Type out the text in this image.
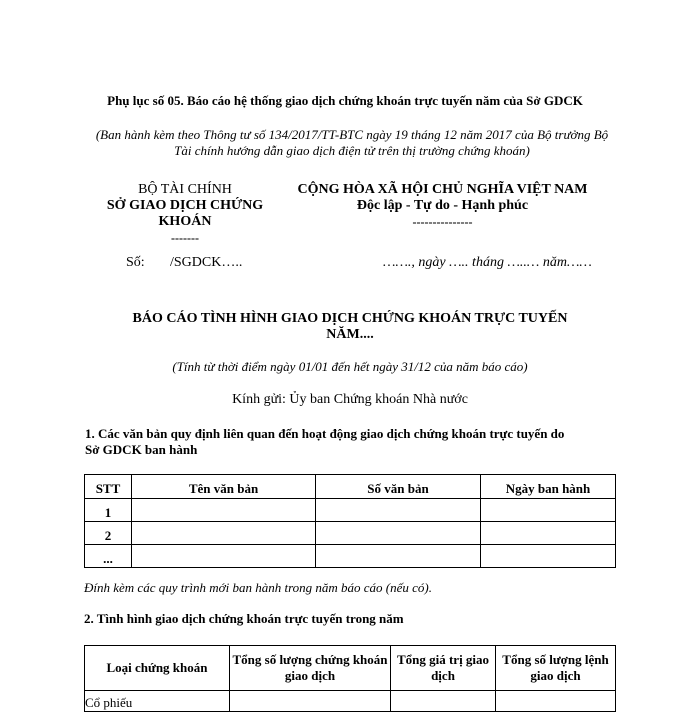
Phụ lục số 05. Báo cáo hệ thống giao dịch chứng khoán trực tuyến năm của Sở GDCK
(Ban hành kèm theo Thông tư số 134/2017/TT-BTC ngày 19 tháng 12 năm 2017 của Bộ trưởng Bộ Tài chính hướng dẫn giao dịch điện tử trên thị trường chứng khoán)
BỘ TÀI CHÍNH
SỞ GIAO DỊCH CHỨNG
KHOÁN
-------
CỘNG HÒA XÃ HỘI CHỦ NGHĨA VIỆT NAM
Độc lập - Tự do - Hạnh phúc
---------------
Số: /SGDCK…..	……., ngày ….. tháng …..… năm……
BÁO CÁO TÌNH HÌNH GIAO DỊCH CHỨNG KHOÁN TRỰC TUYẾN
NĂM....
(Tính từ thời điểm ngày 01/01 đến hết ngày 31/12 của năm báo cáo)
Kính gửi: Ủy ban Chứng khoán Nhà nước
1. Các văn bản quy định liên quan đến hoạt động giao dịch chứng khoán trực tuyến do
Sở GDCK ban hành
STT	Tên văn bản	Số văn bản	Ngày ban hành
1			
2			
...			
Đính kèm các quy trình mới ban hành trong năm báo cáo (nếu có).
2. Tình hình giao dịch chứng khoán trực tuyến trong năm
Loại chứng khoán	Tổng số lượng chứng khoán giao dịch	Tổng giá trị giao dịch	Tổng số lượng lệnh giao dịch
Cổ phiếu			
